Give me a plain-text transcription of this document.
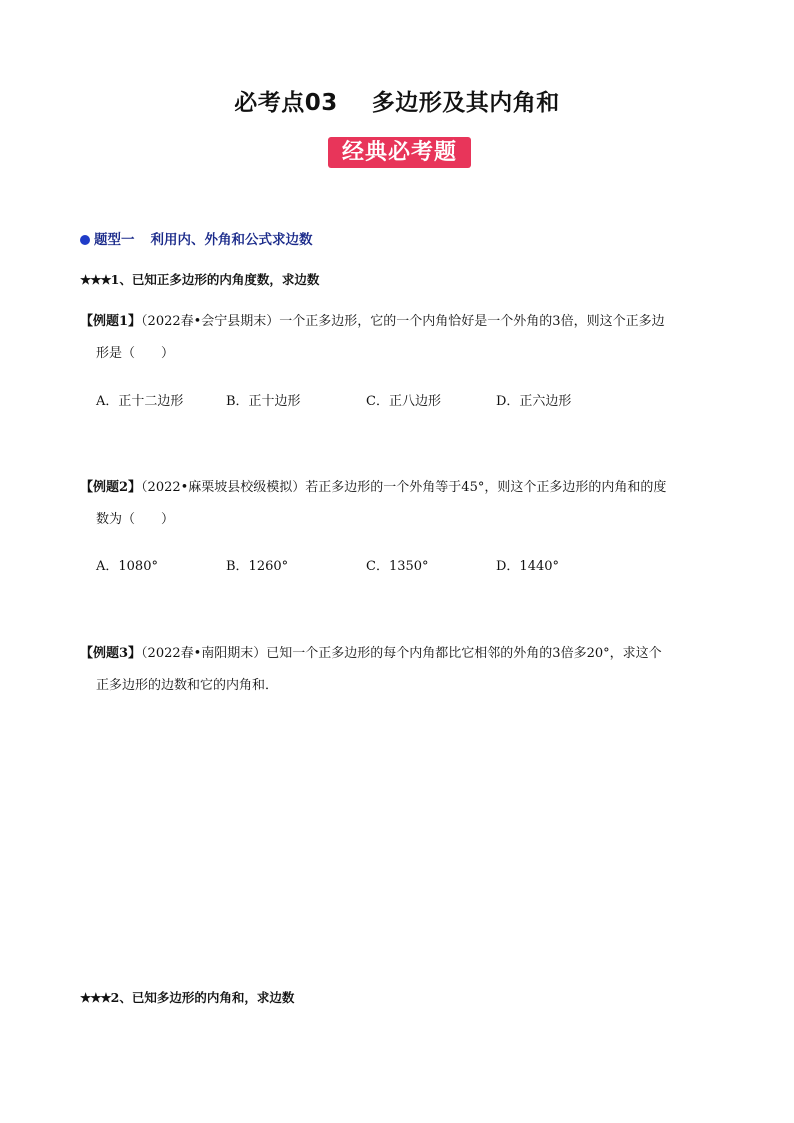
必考点03 多边形及其内角和
经典必考题
题型一 利用内、外角和公式求边数
★★★1、已知正多边形的内角度数，求边数
【例题1】（2022春•会宁县期末）一个正多边形，它的一个内角恰好是一个外角的3倍，则这个正多边
形是（　　）
A．正十二边形	B．正十边形	C．正八边形	D．正六边形
【例题2】（2022•麻栗坡县校级模拟）若正多边形的一个外角等于45°，则这个正多边形的内角和的度
数为（　　）
A．1080°	B．1260°	C．1350°	D．1440°
【例题3】（2022春•南阳期末）已知一个正多边形的每个内角都比它相邻的外角的3倍多20°，求这个
正多边形的边数和它的内角和．
★★★2、已知多边形的内角和，求边数
